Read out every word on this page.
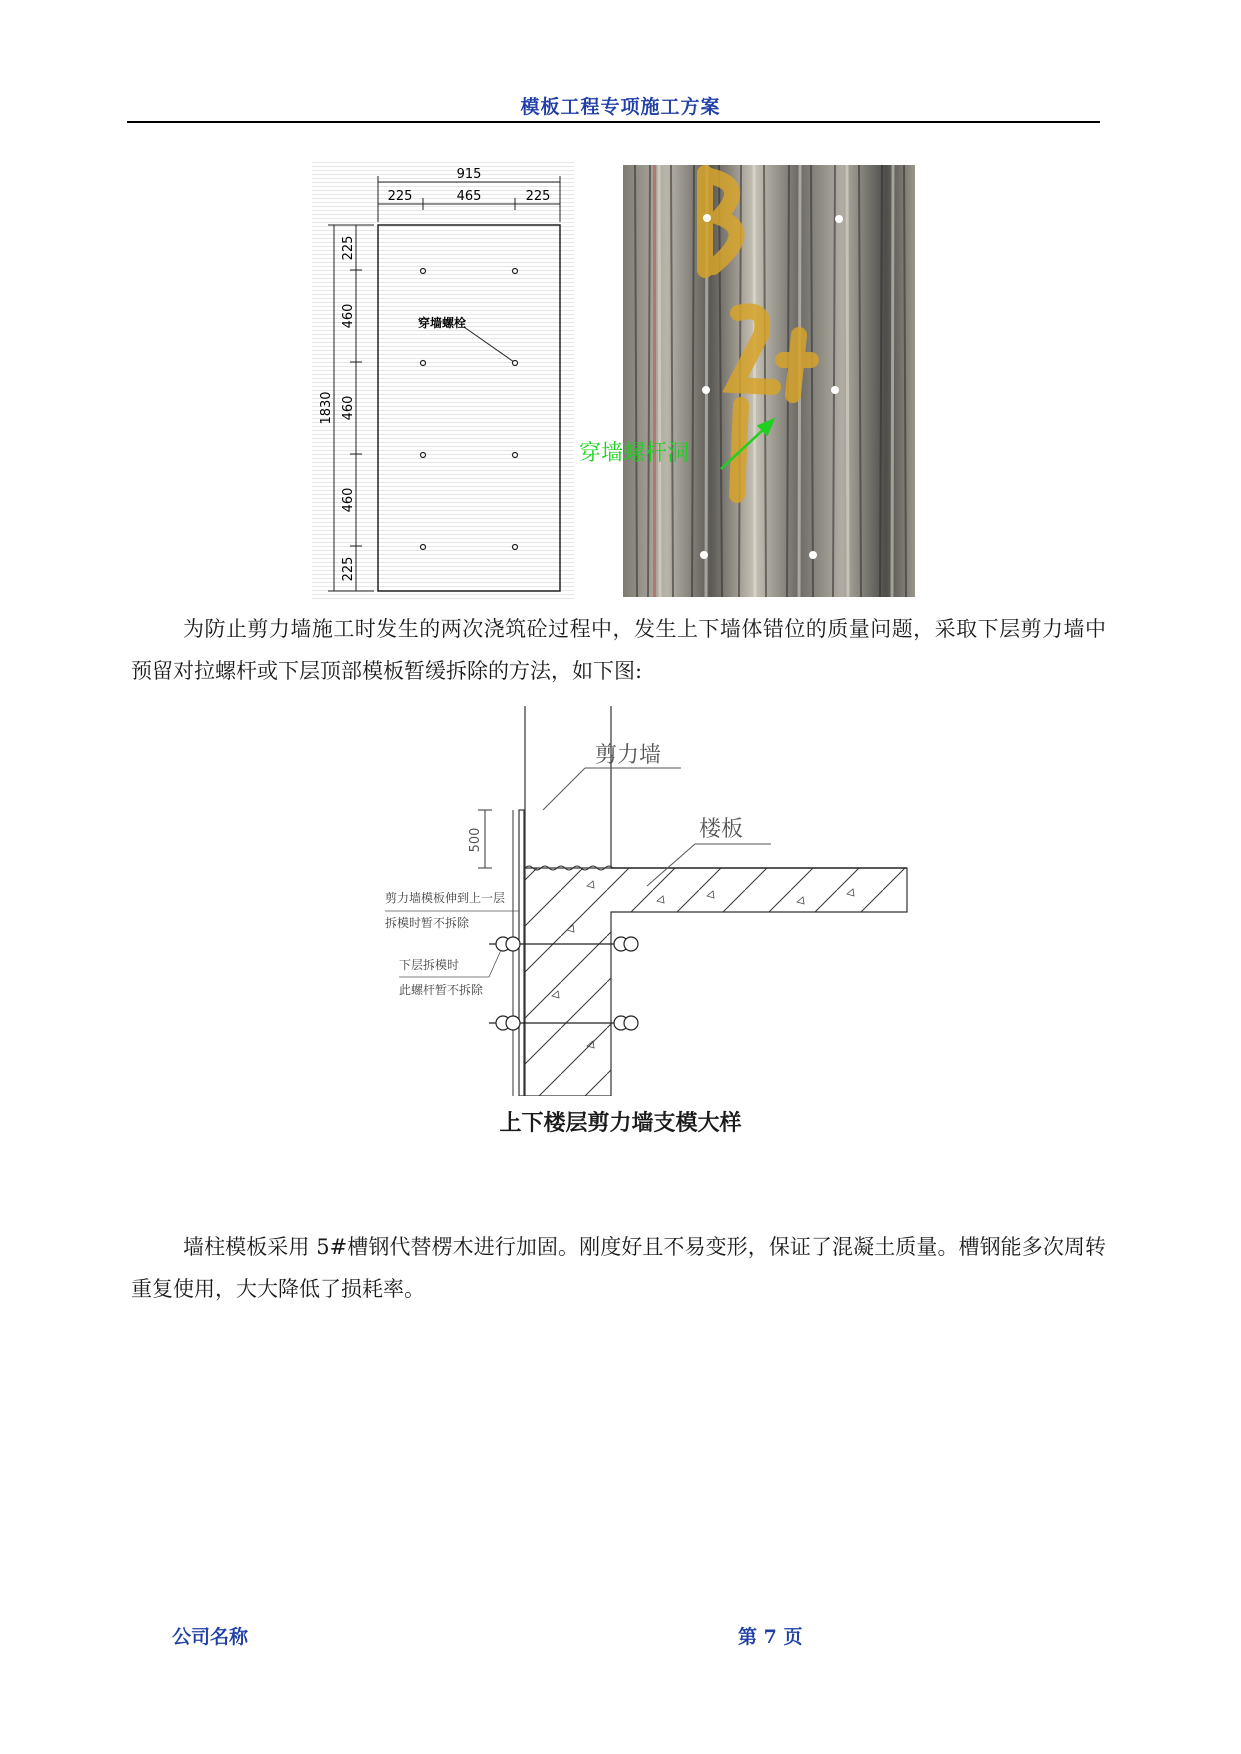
模板工程专项施工方案
915
225	465	225
1830
225
460
460
460
225
穿墙螺栓
穿墙螺杆洞

为防止剪力墙施工时发生的两次浇筑砼过程中，发生上下墙体错位的质量问题，采取下层剪力墙中预留对拉螺杆或下层顶部模板暂缓拆除的方法，如下图:

500
剪力墙
楼板
剪力墙模板伸到上一层
拆模时暂不拆除
下层拆模时
此螺杆暂不拆除
上下楼层剪力墙支模大样

墙柱模板采用 5#槽钢代替楞木进行加固。刚度好且不易变形，保证了混凝土质量。槽钢能多次周转重复使用，大大降低了损耗率。

公司名称	第 7 页
